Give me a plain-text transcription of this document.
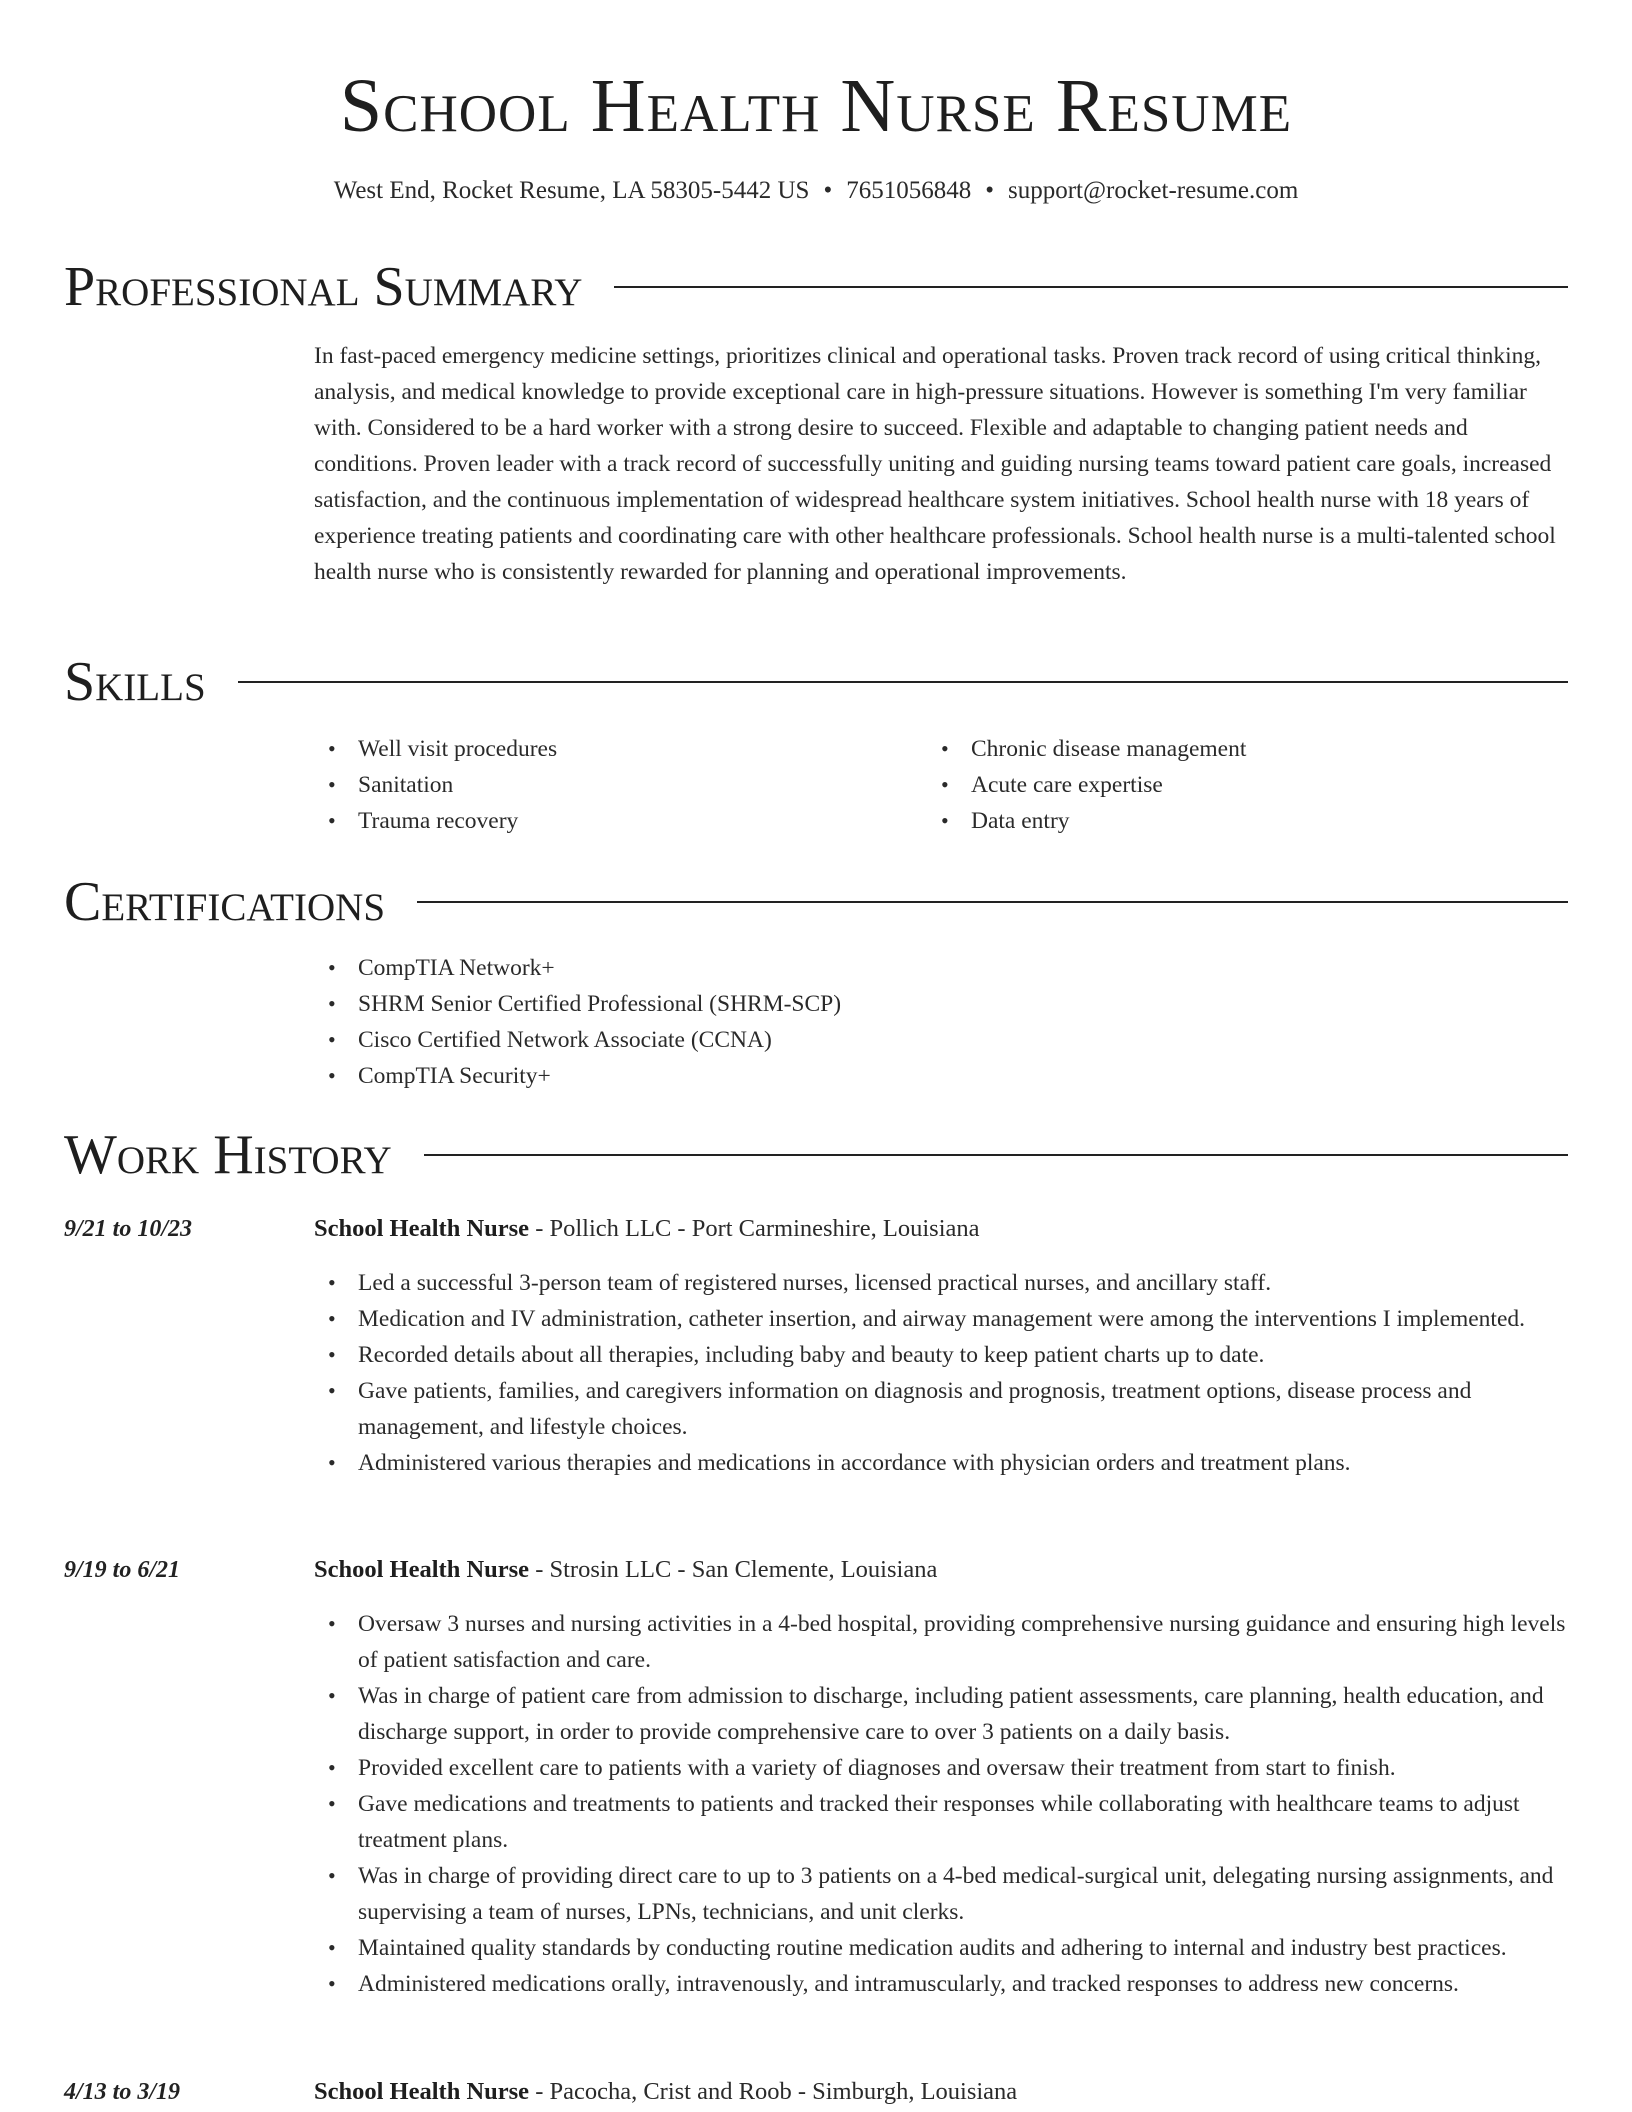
School Health Nurse Resume
West End, Rocket Resume, LA 58305-5442 US • 7651056848 • support@rocket-resume.com
Professional Summary
In fast-paced emergency medicine settings, prioritizes clinical and operational tasks. Proven track record of using critical thinking, analysis, and medical knowledge to provide exceptional care in high-pressure situations. However is something I'm very familiar with. Considered to be a hard worker with a strong desire to succeed. Flexible and adaptable to changing patient needs and conditions. Proven leader with a track record of successfully uniting and guiding nursing teams toward patient care goals, increased satisfaction, and the continuous implementation of widespread healthcare system initiatives. School health nurse with 18 years of experience treating patients and coordinating care with other healthcare professionals. School health nurse is a multi-talented school health nurse who is consistently rewarded for planning and operational improvements.
Skills
• Well visit procedures
• Sanitation
• Trauma recovery
• Chronic disease management
• Acute care expertise
• Data entry
Certifications
• CompTIA Network+
• SHRM Senior Certified Professional (SHRM-SCP)
• Cisco Certified Network Associate (CCNA)
• CompTIA Security+
Work History
9/21 to 10/23	School Health Nurse - Pollich LLC - Port Carmineshire, Louisiana
• Led a successful 3-person team of registered nurses, licensed practical nurses, and ancillary staff.
• Medication and IV administration, catheter insertion, and airway management were among the interventions I implemented.
• Recorded details about all therapies, including baby and beauty to keep patient charts up to date.
• Gave patients, families, and caregivers information on diagnosis and prognosis, treatment options, disease process and management, and lifestyle choices.
• Administered various therapies and medications in accordance with physician orders and treatment plans.
9/19 to 6/21	School Health Nurse - Strosin LLC - San Clemente, Louisiana
• Oversaw 3 nurses and nursing activities in a 4-bed hospital, providing comprehensive nursing guidance and ensuring high levels of patient satisfaction and care.
• Was in charge of patient care from admission to discharge, including patient assessments, care planning, health education, and discharge support, in order to provide comprehensive care to over 3 patients on a daily basis.
• Provided excellent care to patients with a variety of diagnoses and oversaw their treatment from start to finish.
• Gave medications and treatments to patients and tracked their responses while collaborating with healthcare teams to adjust treatment plans.
• Was in charge of providing direct care to up to 3 patients on a 4-bed medical-surgical unit, delegating nursing assignments, and supervising a team of nurses, LPNs, technicians, and unit clerks.
• Maintained quality standards by conducting routine medication audits and adhering to internal and industry best practices.
• Administered medications orally, intravenously, and intramuscularly, and tracked responses to address new concerns.
4/13 to 3/19	School Health Nurse - Pacocha, Crist and Roob - Simburgh, Louisiana
